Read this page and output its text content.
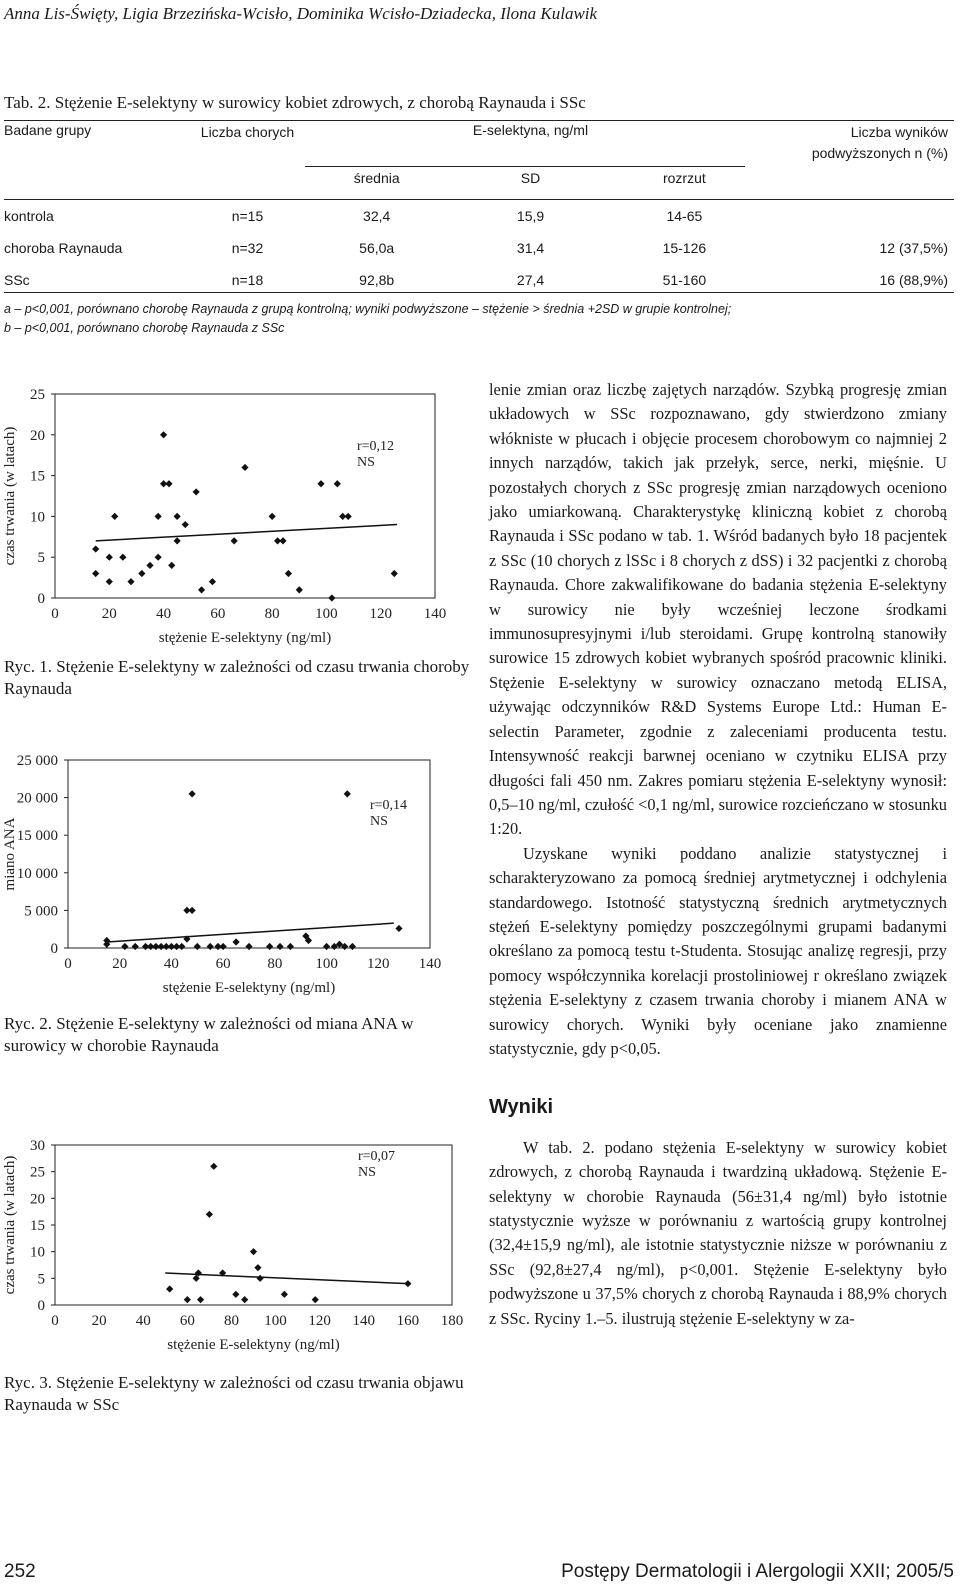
Anna Lis-Święty, Ligia Brzezińska-Wcisło, Dominika Wcisło-Dziadecka, Ilona Kulawik
Tab. 2. Stężenie E-selektyny w surowicy kobiet zdrowych, z chorobą Raynauda i SSc
Badane grupy	Liczba chorych	E-selektyna, ng/ml			Liczba wyników podwyższonych n (%)
		średnia	SD	rozrzut	
kontrola	n=15	32,4	15,9	14-65	
choroba Raynauda	n=32	56,0a	31,4	15-126	12 (37,5%)
SSc	n=18	92,8b	27,4	51-160	16 (88,9%)
a – p<0,001, porównano chorobę Raynauda z grupą kontrolną; wyniki podwyższone – stężenie > średnia +2SD w grupie kontrolnej;
b – p<0,001, porównano chorobę Raynauda z SSc
0
5
10
15
20
25
0	20	40	60	80 100 120 140
stężenie E-selektyny (ng/ml)
czas trwania (w latach)	r=0,12
NS
Ryc. 1. Stężenie E-selektyny w zależności od czasu trwania choroby Raynauda
0
5 000
10 000
15 000
20 000
25 000
0	20 40 60 80 100 120 140
stężenie E-selektyny (ng/ml)
miano ANA
r=0,14
NS
Ryc. 2. Stężenie E-selektyny w zależności od miana ANA w surowicy w chorobie Raynauda
0
5
10
15
20
25
30
0 20 40 60 80 100 120 140 160 180
stężenie E-selektyny (ng/ml)
czas trwania (w latach)	r=0,07
NS
Ryc. 3. Stężenie E-selektyny w zależności od czasu trwania objawu Raynauda w SSc

lenie zmian oraz liczbę zajętych narządów. Szybką progresję zmian układowych w SSc rozpoznawano, gdy stwierdzono zmiany włókniste w płucach i objęcie procesem chorobowym co najmniej 2 innych narządów, takich jak przełyk, serce, nerki, mięśnie. U pozostałych chorych z SSc progresję zmian narządowych oceniono jako umiarkowaną. Charakterystykę kliniczną kobiet z chorobą Raynauda i SSc podano w tab. 1. Wśród badanych było 18 pacjentek z SSc (10 chorych z lSSc i 8 chorych z dSS) i 32 pacjentki z chorobą Raynauda. Chore zakwalifikowane do badania stężenia E-selektyny w surowicy nie były wcześniej leczone środkami immunosupresyjnymi i/lub steroidami. Grupę kontrolną stanowiły surowice 15 zdrowych kobiet wybranych spośród pracownic kliniki. Stężenie E-selektyny w surowicy oznaczano metodą ELISA, używając odczynników R&D Systems Europe Ltd.: Human E-selectin Parameter, zgodnie z zaleceniami producenta testu. Intensywność reakcji barwnej oceniano w czytniku ELISA przy długości fali 450 nm. Zakres pomiaru stężenia E-selektyny wynosił: 0,5–10 ng/ml, czułość <0,1 ng/ml, surowice rozcieńczano w stosunku 1:20.

Uzyskane wyniki poddano analizie statystycznej i scharakteryzowano za pomocą średniej arytmetycznej i odchylenia standardowego. Istotność statystyczną średnich arytmetycznych stężeń E-selektyny pomiędzy poszczególnymi grupami badanymi określano za pomocą testu t-Studenta. Stosując analizę regresji, przy pomocy współczynnika korelacji prostoliniowej r określano związek stężenia E-selektyny z czasem trwania choroby i mianem ANA w surowicy chorych. Wyniki były oceniane jako znamienne statystycznie, gdy p<0,05.

Wyniki

W tab. 2. podano stężenia E-selektyny w surowicy kobiet zdrowych, z chorobą Raynauda i twardziną układową. Stężenie E-selektyny w chorobie Raynauda (56±31,4 ng/ml) było istotnie statystycznie wyższe w porównaniu z wartością grupy kontrolnej (32,4±15,9 ng/ml), ale istotnie statystycznie niższe w porównaniu z SSc (92,8±27,4 ng/ml), p<0,001. Stężenie E-selektyny było podwyższone u 37,5% chorych z chorobą Raynauda i 88,9% chorych z SSc. Ryciny 1.–5. ilustrują stężenie E-selektyny w za-

252	Postępy Dermatologii i Alergologii XXII; 2005/5
